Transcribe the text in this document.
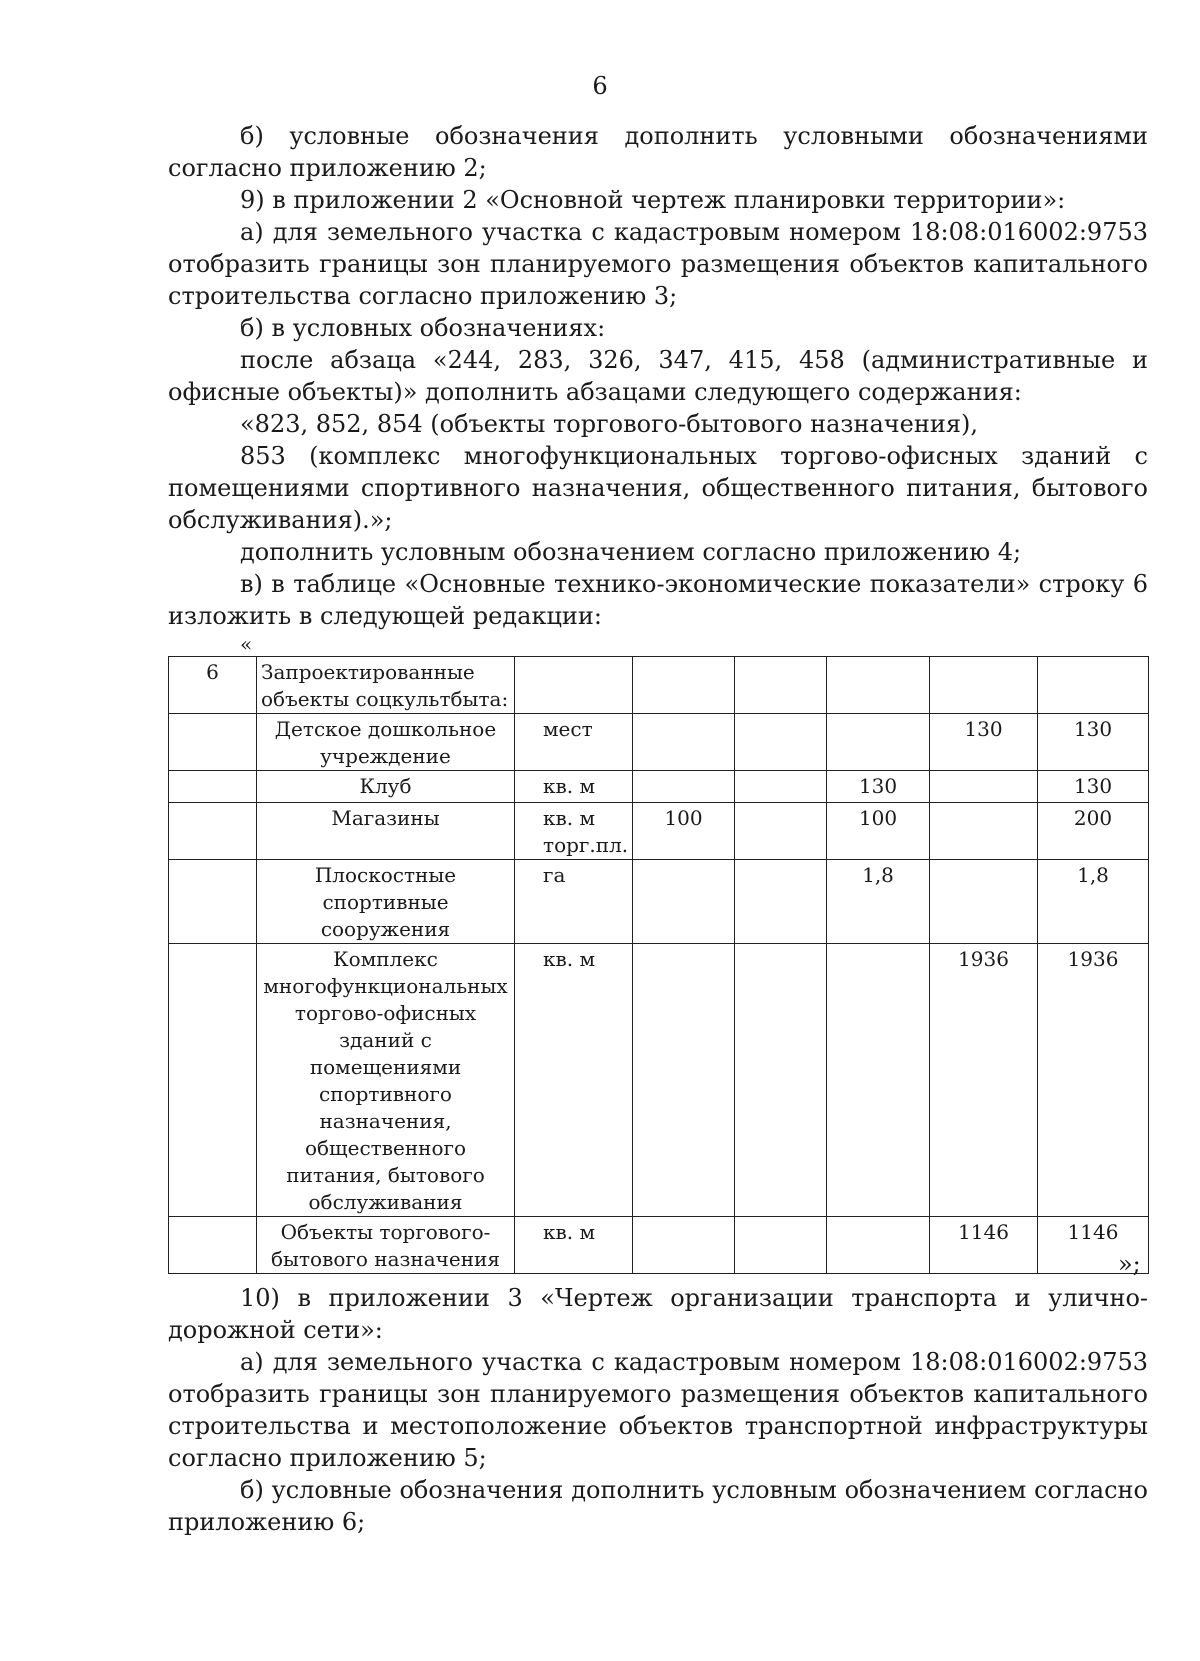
6

б) условные обозначения дополнить условными обозначениями согласно приложению 2;

9) в приложении 2 «Основной чертеж планировки территории»:

а) для земельного участка с кадастровым номером 18:08:016002:9753 отобразить границы зон планируемого размещения объектов капитального строительства согласно приложению 3;

б) в условных обозначениях:

после абзаца «244, 283, 326, 347, 415, 458 (административные и офисные объекты)» дополнить абзацами следующего содержания:

«823, 852, 854 (объекты торгового-бытового назначения),

853 (комплекс многофункциональных торгово-офисных зданий с помещениями спортивного назначения, общественного питания, бытового обслуживания).»;

дополнить условным обозначением согласно приложению 4;

в) в таблице «Основные технико-экономические показатели» строку 6 изложить в следующей редакции:

«
6	Запроектированные объекты соцкультбыта:						
	Детское дошкольное учреждение	мест				130	130
	Клуб	кв. м			130		130
	Магазины	кв. м торг.пл.	100		100		200
	Плоскостные спортивные сооружения	га			1,8		1,8
	Комплекс многофункциональных торгово-офисных зданий с помещениями спортивного назначения, общественного питания, бытового обслуживания	кв. м				1936	1936
	Объекты торгового-бытового назначения	кв. м				1146	1146
»;

10) в приложении 3 «Чертеж организации транспорта и улично-дорожной сети»:

а) для земельного участка с кадастровым номером 18:08:016002:9753 отобразить границы зон планируемого размещения объектов капитального строительства и местоположение объектов транспортной инфраструктуры согласно приложению 5;

б) условные обозначения дополнить условным обозначением согласно приложению 6;
